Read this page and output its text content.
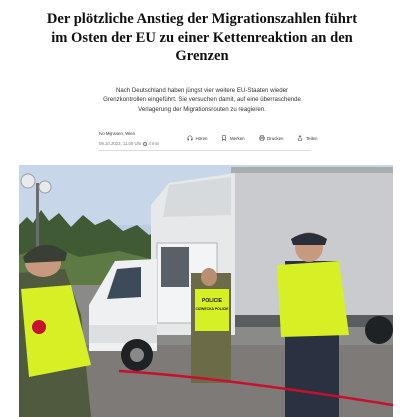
Der plötzliche Anstieg der Migrationszahlen führt im Osten der EU zu einer Kettenreaktion an den Grenzen

Nach Deutschland haben jüngst vier weitere EU-Staaten wieder Grenzkontrollen eingeführt. Sie versuchen damit, auf eine überraschende Verlagerung der Migrationsrouten zu reagieren.

Ivo Mijnssen, Wien
09.10.2023, 11.00 Uhr 4 min
Hören	Merken	Drucken	Teilen
POLICIE
CIZINECKÁ POLICIE
